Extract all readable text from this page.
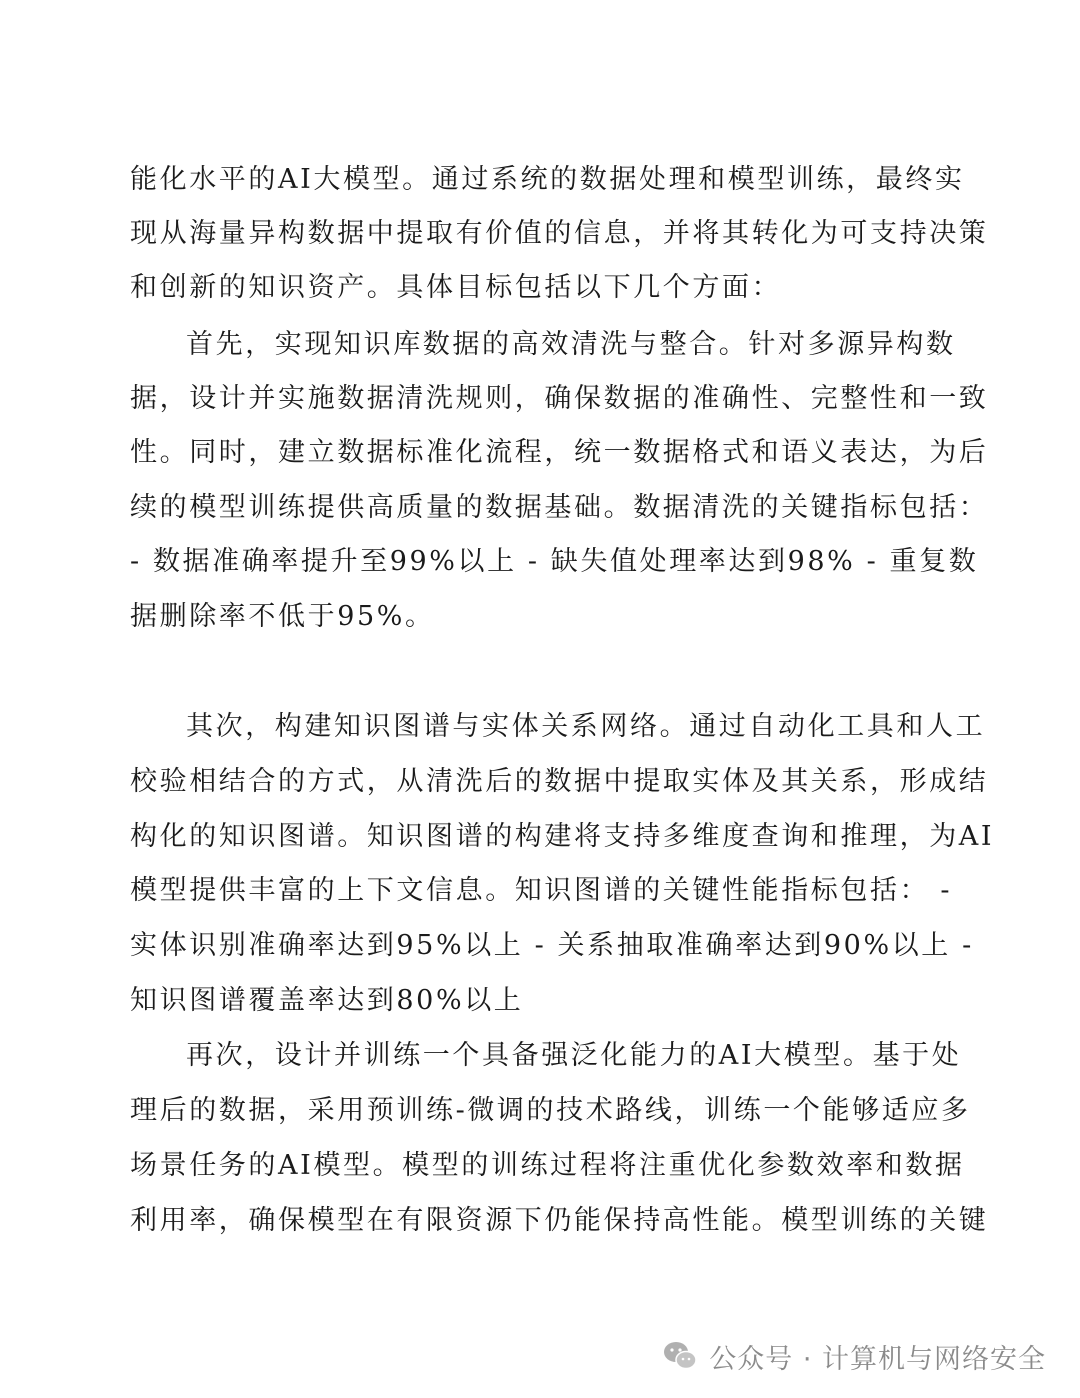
能化水平的AI大模型。通过系统的数据处理和模型训练，最终实
现从海量异构数据中提取有价值的信息，并将其转化为可支持决策
和创新的知识资产。具体目标包括以下几个方面：
首先，实现知识库数据的高效清洗与整合。针对多源异构数
据，设计并实施数据清洗规则，确保数据的准确性、完整性和一致
性。同时，建立数据标准化流程，统一数据格式和语义表达，为后
续的模型训练提供高质量的数据基础。数据清洗的关键指标包括：
- 数据准确率提升至99%以上 - 缺失值处理率达到98% - 重复数
据删除率不低于95%。
其次，构建知识图谱与实体关系网络。通过自动化工具和人工
校验相结合的方式，从清洗后的数据中提取实体及其关系，形成结
构化的知识图谱。知识图谱的构建将支持多维度查询和推理，为AI
模型提供丰富的上下文信息。知识图谱的关键性能指标包括： -
实体识别准确率达到95%以上 - 关系抽取准确率达到90%以上 -
知识图谱覆盖率达到80%以上
再次，设计并训练一个具备强泛化能力的AI大模型。基于处
理后的数据，采用预训练-微调的技术路线，训练一个能够适应多
场景任务的AI模型。模型的训练过程将注重优化参数效率和数据
利用率，确保模型在有限资源下仍能保持高性能。模型训练的关键
公众号 · 计算机与网络安全
